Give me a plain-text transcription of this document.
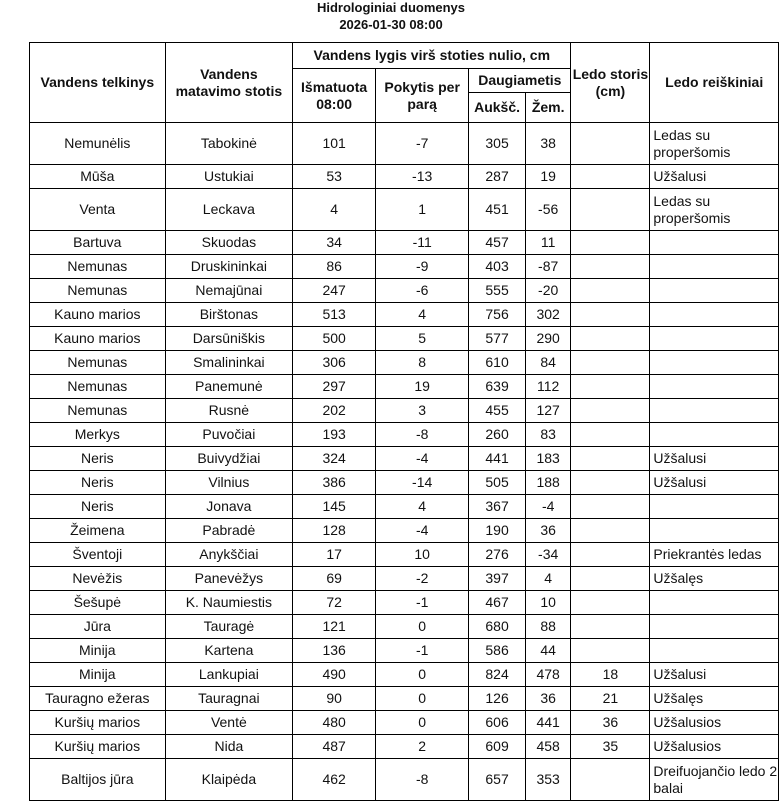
Hidrologiniai duomenys
2026-01-30 08:00
Vandens telkinys	Vandens matavimo stotis	Vandens lygis virš stoties nulio, cm				Ledo storis (cm)	Ledo reiškiniai
		Išmatuota 08:00	Pokytis per parą	Daugiametis			
				Aukšč.	Žem.		
Nemunėlis	Tabokinė	101	-7	305	38		Ledas su properšomis
Mūša	Ustukiai	53	-13	287	19		Užšalusi
Venta	Leckava	4	1	451	-56		Ledas su properšomis
Bartuva	Skuodas	34	-11	457	11		
Nemunas	Druskininkai	86	-9	403	-87		
Nemunas	Nemajūnai	247	-6	555	-20		
Kauno marios	Birštonas	513	4	756	302		
Kauno marios	Darsūniškis	500	5	577	290		
Nemunas	Smalininkai	306	8	610	84		
Nemunas	Panemunė	297	19	639	112		
Nemunas	Rusnė	202	3	455	127		
Merkys	Puvočiai	193	-8	260	83		
Neris	Buivydžiai	324	-4	441	183		Užšalusi
Neris	Vilnius	386	-14	505	188		Užšalusi
Neris	Jonava	145	4	367	-4		
Žeimena	Pabradė	128	-4	190	36		
Šventoji	Anykščiai	17	10	276	-34		Priekrantės ledas
Nevėžis	Panevėžys	69	-2	397	4		Užšalęs
Šešupė	K. Naumiestis	72	-1	467	10		
Jūra	Tauragė	121	0	680	88		
Minija	Kartena	136	-1	586	44		
Minija	Lankupiai	490	0	824	478	18	Užšalusi
Tauragno ežeras	Tauragnai	90	0	126	36	21	Užšalęs
Kuršių marios	Ventė	480	0	606	441	36	Užšalusios
Kuršių marios	Nida	487	2	609	458	35	Užšalusios
Baltijos jūra	Klaipėda	462	-8	657	353		Dreifuojančio ledo 2 balai
